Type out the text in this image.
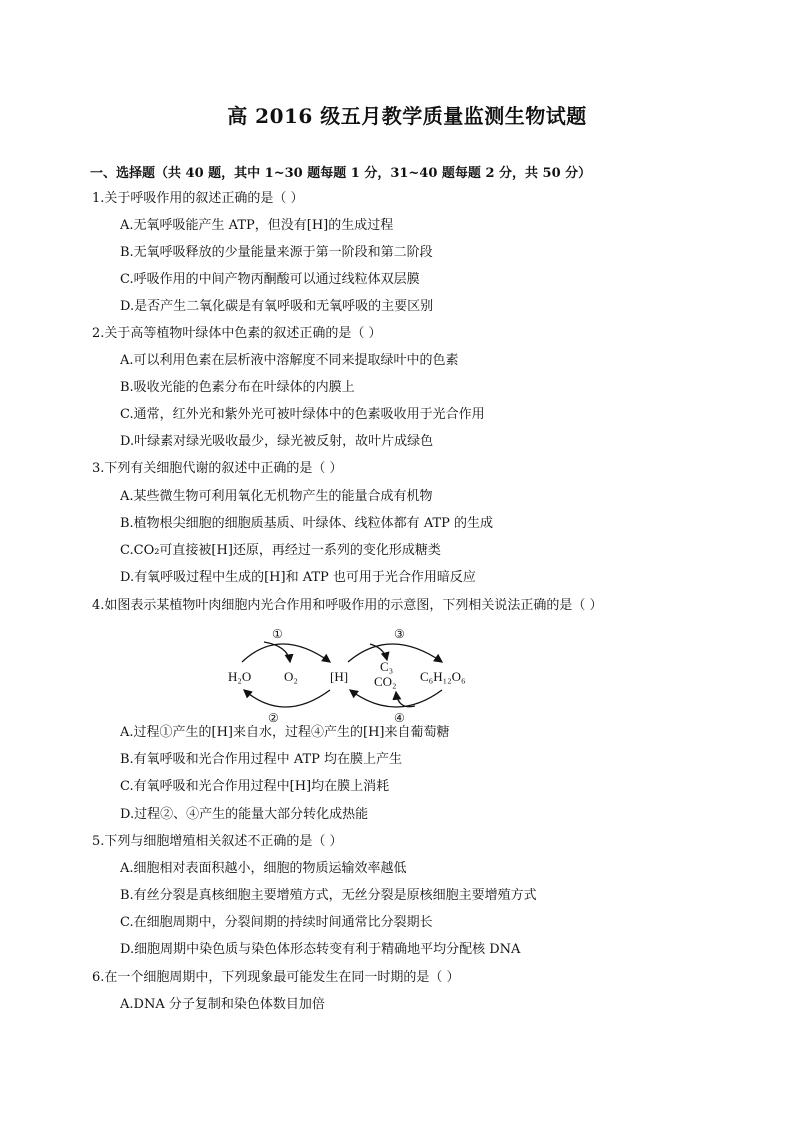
高 2016 级五月教学质量监测生物试题
一、选择题（共 40 题，其中 1~30 题每题 1 分，31~40 题每题 2 分，共 50 分）
1.关于呼吸作用的叙述正确的是（ ）
A.无氧呼吸能产生 ATP，但没有[H]的生成过程
B.无氧呼吸释放的少量能量来源于第一阶段和第二阶段
C.呼吸作用的中间产物丙酮酸可以通过线粒体双层膜
D.是否产生二氧化碳是有氧呼吸和无氧呼吸的主要区别
2.关于高等植物叶绿体中色素的叙述正确的是（ ）
A.可以利用色素在层析液中溶解度不同来提取绿叶中的色素
B.吸收光能的色素分布在叶绿体的内膜上
C.通常，红外光和紫外光可被叶绿体中的色素吸收用于光合作用
D.叶绿素对绿光吸收最少，绿光被反射，故叶片成绿色
3.下列有关细胞代谢的叙述中正确的是（ ）
A.某些微生物可利用氧化无机物产生的能量合成有机物
B.植物根尖细胞的细胞质基质、叶绿体、线粒体都有 ATP 的生成
C.CO₂可直接被[H]还原，再经过一系列的变化形成糖类
D.有氧呼吸过程中生成的[H]和 ATP 也可用于光合作用暗反应
4.如图表示某植物叶肉细胞内光合作用和呼吸作用的示意图，下列相关说法正确的是（ ）
H₂O	O₂ [H]
C₃
CO₂ C₆H₁₂O₆
①
②
③
④
A.过程①产生的[H]来自水，过程④产生的[H]来自葡萄糖
B.有氧呼吸和光合作用过程中 ATP 均在膜上产生
C.有氧呼吸和光合作用过程中[H]均在膜上消耗
D.过程②、④产生的能量大部分转化成热能
5.下列与细胞增殖相关叙述不正确的是（ ）
A.细胞相对表面积越小，细胞的物质运输效率越低
B.有丝分裂是真核细胞主要增殖方式，无丝分裂是原核细胞主要增殖方式
C.在细胞周期中，分裂间期的持续时间通常比分裂期长
D.细胞周期中染色质与染色体形态转变有利于精确地平均分配核 DNA
6.在一个细胞周期中，下列现象最可能发生在同一时期的是（ ）
A.DNA 分子复制和染色体数目加倍
